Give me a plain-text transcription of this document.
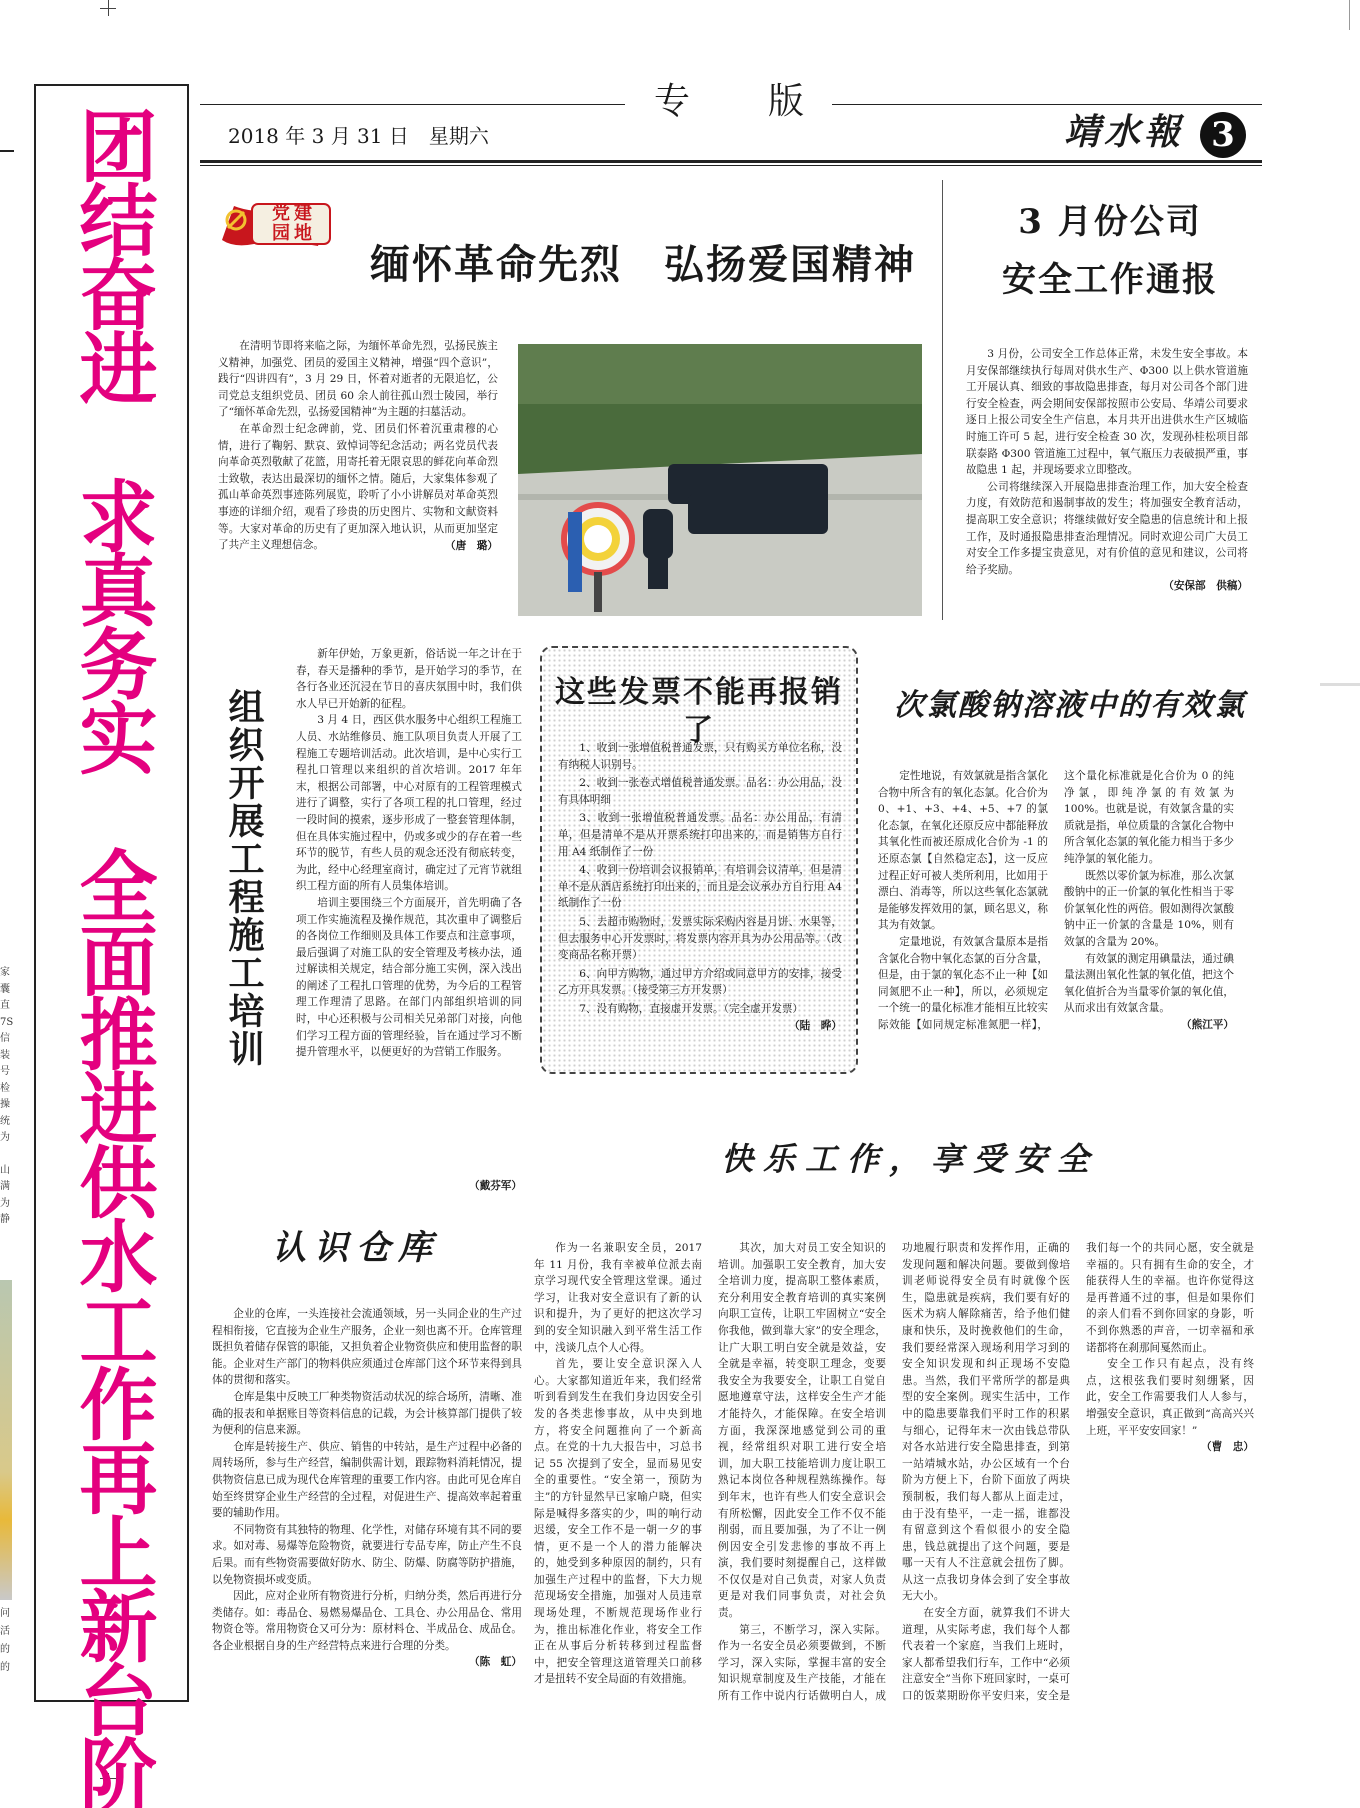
家
囊
直
7S
信
装
号
检
操
统
为
山
满
为
静
问
活
的
的 团结奋进　求真务实　全面推进供水工作再上新台阶
专　　版
2018 年 3 月 31 日　星期六	靖水報 3
党建
园地
缅怀革命先烈　弘扬爱国精神

在清明节即将来临之际，为缅怀革命先烈，弘扬民族主义精神，加强党、团员的爱国主义精神，增强“四个意识”，践行“四讲四有”，3 月 29 日，怀着对逝者的无限追忆，公司党总支组织党员、团员 60 余人前往孤山烈士陵园，举行了“缅怀革命先烈，弘扬爱国精神”为主题的扫墓活动。

在革命烈士纪念碑前，党、团员们怀着沉重肃穆的心情，进行了鞠躬、默哀、致悼词等纪念活动；两名党员代表向革命英烈敬献了花篮，用寄托着无限哀思的鲜花向革命烈士致敬，表达出最深切的缅怀之情。随后，大家集体参观了孤山革命英烈事迹陈列展览，聆听了小小讲解员对革命英烈事迹的详细介绍，观看了珍贵的历史图片、实物和文献资料等。大家对革命的历史有了更加深入地认识，从而更加坚定了共产主义理想信念。	（唐　璐）

3 月份公司
安全工作通报

3 月份，公司安全工作总体正常，未发生安全事故。本月安保部继续执行每周对供水生产、Φ300 以上供水管道施工开展认真、细致的事故隐患排查，每月对公司各个部门进行安全检查，两会期间安保部按照市公安局、华靖公司要求逐日上报公司安全生产信息，本月共开出进供水生产区城临时施工许可 5 起，进行安全检查 30 次，发现孙桂松项目部联泰路 Φ300 管道施工过程中，氧气瓶压力表破损严重，事故隐患 1 起，并现场要求立即整改。

公司将继续深入开展隐患排查治理工作，加大安全检查力度，有效防范和遏制事故的发生；将加强安全教育活动，提高职工安全意识；将继续做好安全隐患的信息统计和上报工作，及时通报隐患排查治理情况。同时欢迎公司广大员工对安全工作多提宝贵意见，对有价值的意见和建议，公司将给予奖励。

（安保部　供稿）

组织开展工程施工培训

新年伊始，万象更新，俗话说一年之计在于春，春天是播种的季节，是开始学习的季节，在各行各业还沉浸在节日的喜庆氛围中时，我们供水人早已开始新的征程。

3 月 4 日，西区供水服务中心组织工程施工人员、水站维修员、施工队项目负责人开展了工程施工专题培训活动。此次培训，是中心实行工程扎口管理以来组织的首次培训。2017 年年末，根据公司部署，中心对原有的工程管理模式进行了调整，实行了各项工程的扎口管理，经过一段时间的摸索，逐步形成了一整套管理体制，但在具体实施过程中，仍或多或少的存在着一些环节的脱节，有些人员的观念还没有彻底转变，为此，经中心经理室商讨，确定过了元宵节就组织工程方面的所有人员集体培训。

培训主要围绕三个方面展开，首先明确了各项工作实施流程及操作规范，其次重申了调整后的各岗位工作细则及具体工作要点和注意事项，最后强调了对施工队的安全管理及考核办法，通过解读相关规定，结合部分施工实例，深入浅出的阐述了工程扎口管理的优势，为今后的工程管理工作理清了思路。在部门内部组织培训的同时，中心还积极与公司相关兄弟部门对接，向他们学习工程方面的管理经验，旨在通过学习不断提升管理水平，以便更好的为营销工作服务。

（戴芬军）

这些发票不能再报销了

1、收到一张增值税普通发票，只有购买方单位名称，没有纳税人识别号。

2、收到一张卷式增值税普通发票。品名：办公用品，没有具体明细

3、收到一张增值税普通发票。品名：办公用品，有清单，但是清单不是从开票系统打印出来的，而是销售方自行用 A4 纸制作了一份

4、收到一份培训会议报销单，有培训会议清单，但是清单不是从酒店系统打印出来的，而且是会议承办方自行用 A4 纸制作了一份

5、去超市购物时，发票实际采购内容是月饼、水果等，但去服务中心开发票时，将发票内容开具为办公用品等。（改变商品名称开票）

6、向甲方购物，通过甲方介绍或同意甲方的安排，接受乙方开具发票。（接受第三方开发票）

7、没有购物，直接虚开发票。（完全虚开发票）

（陆　晔）

次氯酸钠溶液中的有效氯

定性地说，有效氯就是指含氯化合物中所含有的氧化态氯。化合价为 0、+1、+3、+4、+5、+7 的氯化态氯，在氧化还原反应中都能释放其氧化性而被还原成化合价为 -1 的还原态氯【自然稳定态】，这一反应过程正好可被人类所利用，比如用于漂白、消毒等，所以这些氧化态氯就是能够发挥效用的氯，顾名思义，称其为有效氯。

定量地说，有效氯含量原本是指含氯化合物中氧化态氯的百分含量，但是，由于氯的氧化态不止一种【如同氮肥不止一种】，所以，必须规定一个统一的量化标准才能相互比较实际效能【如同规定标准氮肥一样】，这个量化标准就是化合价为 0 的纯净氯，即纯净氯的有效氯为 100%。也就是说，有效氯含量的实质就是指，单位质量的含氯化合物中所含氧化态氯的氧化能力相当于多少纯净氯的氧化能力。

既然以零价氯为标准，那么次氯酸钠中的正一价氯的氧化性相当于零价氯氧化性的两倍。假如测得次氯酸钠中正一价氯的含量是 10%，则有效氯的含量为 20%。

有效氯的测定用碘量法，通过碘量法测出氧化性氯的氧化值，把这个氧化值折合为当量零价氯的氧化值，从而求出有效氯含量。

（熊江平）

快乐工作，享受安全
认识仓库

企业的仓库，一头连接社会流通领域，另一头同企业的生产过程相衔接，它直接为企业生产服务，企业一刻也离不开。仓库管理既担负着储存保管的职能，又担负着企业物资供应和使用监督的职能。企业对生产部门的物料供应须通过仓库部门这个环节来得到具体的贯彻和落实。

仓库是集中反映工厂种类物资活动状况的综合场所，清晰、准确的报表和单据账目等资料信息的记载，为会计核算部门提供了较为便利的信息来源。

仓库是转接生产、供应、销售的中转站，是生产过程中必备的周转场所，参与生产经营，编制供需计划，跟踪物料消耗情况，提供物资信息已成为现代仓库管理的重要工作内容。由此可见仓库自始至终贯穿企业生产经营的全过程，对促进生产、提高效率起着重要的辅助作用。

不同物资有其独特的物理、化学性，对储存环境有其不同的要求。如对毒、易爆等危险物资，就要进行专品专库，防止产生不良后果。而有些物资需要做好防水、防尘、防爆、防腐等防护措施，以免物资损坏或变质。

因此，应对企业所有物资进行分析，归纳分类，然后再进行分类储存。如：毒品仓、易燃易爆品仓、工具仓、办公用品仓、常用物资仓等。常用物资仓又可分为：原材料仓、半成品仓、成品仓。各企业根据自身的生产经营特点来进行合理的分类。

（陈　虹）

作为一名兼职安全员，2017 年 11 月份，我有幸被单位派去南京学习现代安全管理这堂课。通过学习，让我对安全意识有了新的认识和提升，为了更好的把这次学习到的安全知识融入到平常生活工作中，浅谈几点个人心得。

首先，要让安全意识深入人心。大家都知道近年来，我们经常听到看到发生在我们身边因安全引发的各类悲惨事故，从中央到地方，将安全问题推向了一个新高点。在党的十九大报告中，习总书记 55 次提到了安全，显而易见安全的重要性。“安全第一，预防为主”的方针显然早已家喻户晓，但实际是喊得多落实的少，叫的响行动迟缓，安全工作不是一朝一夕的事情，更不是一个人的潜力能解决的，她受到多种原因的制约，只有加强生产过程中的监督，下大力规范现场安全措施，加强对人员违章现场处理，不断规范现场作业行为，推出标准化作业，将安全工作正在从事后分析转移到过程监督中，把安全管理这道管理关口前移才是扭转不安全局面的有效措施。

其次，加大对员工安全知识的培训。加强职工安全教育，加大安全培训力度，提高职工整体素质，充分利用安全教育培训的真实案例向职工宣传，让职工牢固树立“安全你我他，做到靠大家”的安全理念，让广大职工明白安全就是效益，安全就是幸福，转变职工理念，变要我安全为我要安全，让职工自觉自愿地遵章守法，这样安全生产才能才能持久，才能保障。在安全培训方面，我深深地感觉到公司的重视，经常组织对职工进行安全培训，加大职工技能培训力度让职工熟记本岗位各种规程熟练操作。每到年末，也许有些人们安全意识会有所松懈，因此安全工作不仅不能削弱，而且要加强，为了不让一例例因安全引发悲惨的事故不再上演，我们要时刻提醒自己，这样做不仅仅是对自己负责，对家人负责更是对我们同事负责，对社会负责。

第三，不断学习，深入实际。作为一名安全员必须要做到，不断学习，深入实际，掌握丰富的安全知识规章制度及生产技能，才能在所有工作中说内行话做明白人，成功地履行职责和发挥作用，正确的发现问题和解决问题。要做到像培训老师说得安全员有时就像个医生，隐患就是疾病，我们要有好的医术为病人解除痛苦，给予他们健康和快乐，及时挽救他们的生命，我们要经常深入现场利用学习到的安全知识发现和纠正现场不安隐患。当然，我们平常所学的都是典型的安全案例。现实生活中，工作中的隐患要靠我们平时工作的积累与细心，记得年末一次由钱总带队对各水站进行安全隐患排查，到第一站靖城水站，办公区域有一个台阶为方便上下，台阶下面放了两块预制板，我们每人都从上面走过，由于没有垫平，一走一摇，谁都没有留意到这个看似很小的安全隐患，钱总就提出了这个问题，要是哪一天有人不注意就会扭伤了脚。从这一点我切身体会到了安全事故无大小。

在安全方面，就算我们不讲大道理，从实际考虑，我们每个人都代表着一个家庭，当我们上班时，家人都希望我们行车，工作中“必须注意安全”当你下班回家时，一桌可口的饭菜期盼你平安归来，安全是我们每一个的共同心愿，安全就是幸福的。只有拥有生命的安全，才能获得人生的幸福。也许你觉得这是再普通不过的事，但是如果你们的亲人们看不到你回家的身影，听不到你熟悉的声音，一切幸福和承诺都将在刹那间戛然而止。

安全工作只有起点，没有终点，这根弦我们要时刻绷紧，因此，安全工作需要我们人人参与，增强安全意识，真正做到“高高兴兴上班，平平安安回家！”

（曹　忠）
